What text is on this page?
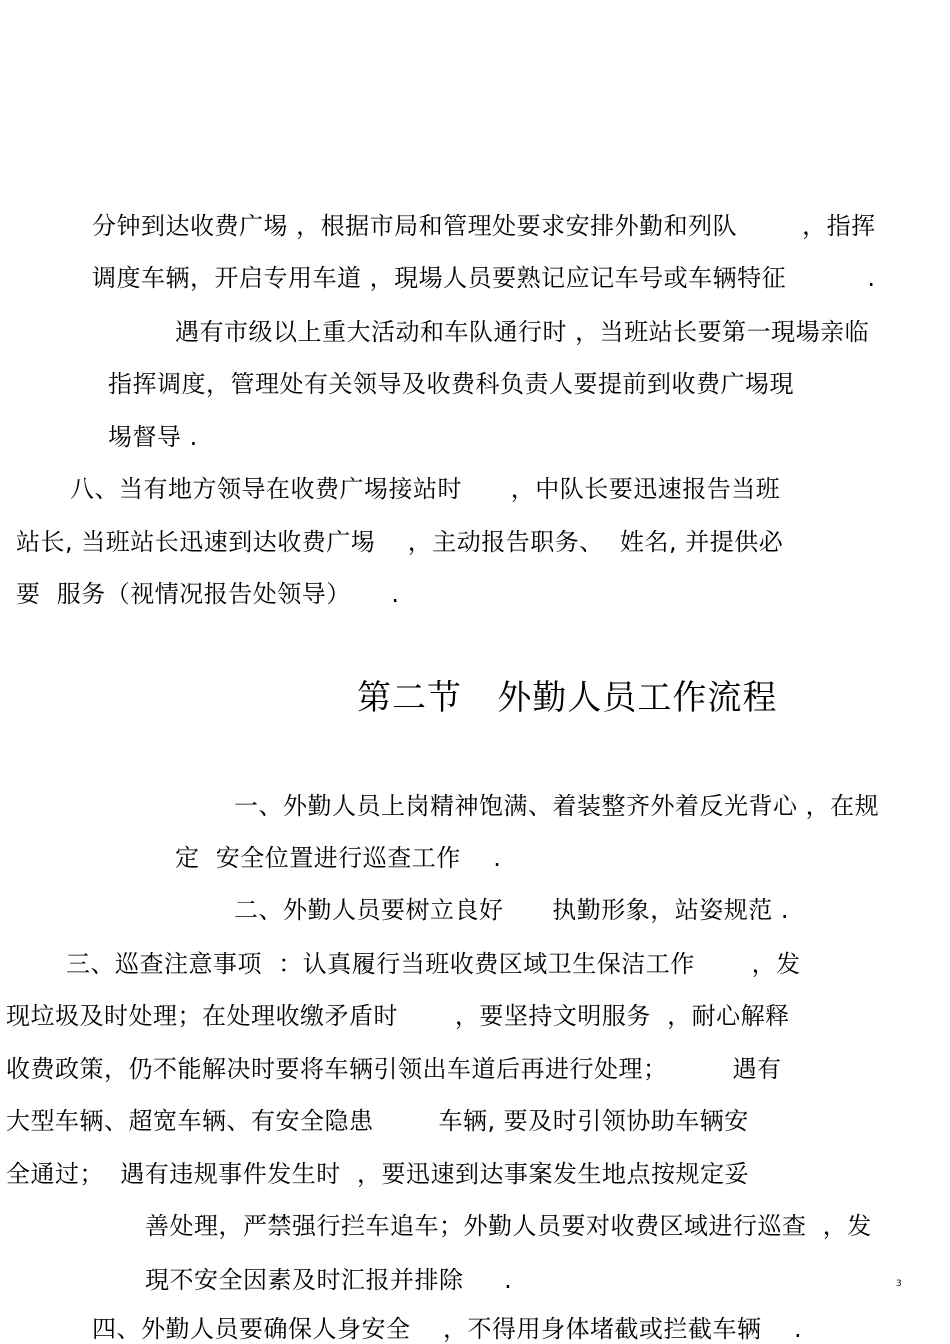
分钟到达收费广埸 ，根据市局和管理处要求安排外勤和列队        ，指挥
调度车辆，开启专用车道 ，現場人员要熟记应记车号或车辆特征          .
遇有市级以上重大活动和车队通行时 ，当班站长要第一現場亲临
指挥调度，管理处有关领导及收费科负责人要提前到收费广埸現
埸督导 .
八、当有地方领导在收费广埸接站时      ，中队长要迅速报告当班
站长, 当班站长迅速到达收费广埸    ，主动报告职务、  姓名, 并提供必
要  服务（视情况报告处领导）     .
第二节   外勤人员工作流程
一、外勤人员上岗精神饱满、着装整齐外着反光背心 ，在规
定  安全位置进行巡查工作    .
二、外勤人员要树立良好      执勤形象，站姿规范 .
三、巡查注意事项  ：认真履行当班收费区域卫生保洁工作       ，发
现垃圾及时处理；在处理收缴矛盾时       ，要坚持文明服务  ，耐心解释
收费政策，仍不能解决时要将车辆引领出车道后再进行处理；        遇有
大型车辆、超宽车辆、有安全隐患        车辆, 要及时引领协助车辆安
全通过；  遇有违规事件发生时  ，要迅速到达事案发生地点按规定妥
善处理，严禁强行拦车追车；外勤人员要对收费区域进行巡查  ，发
現不安全因素及时汇报并排除     .	3
四、外勤人员要确保人身安全    ，不得用身体堵截或拦截车辆    .
